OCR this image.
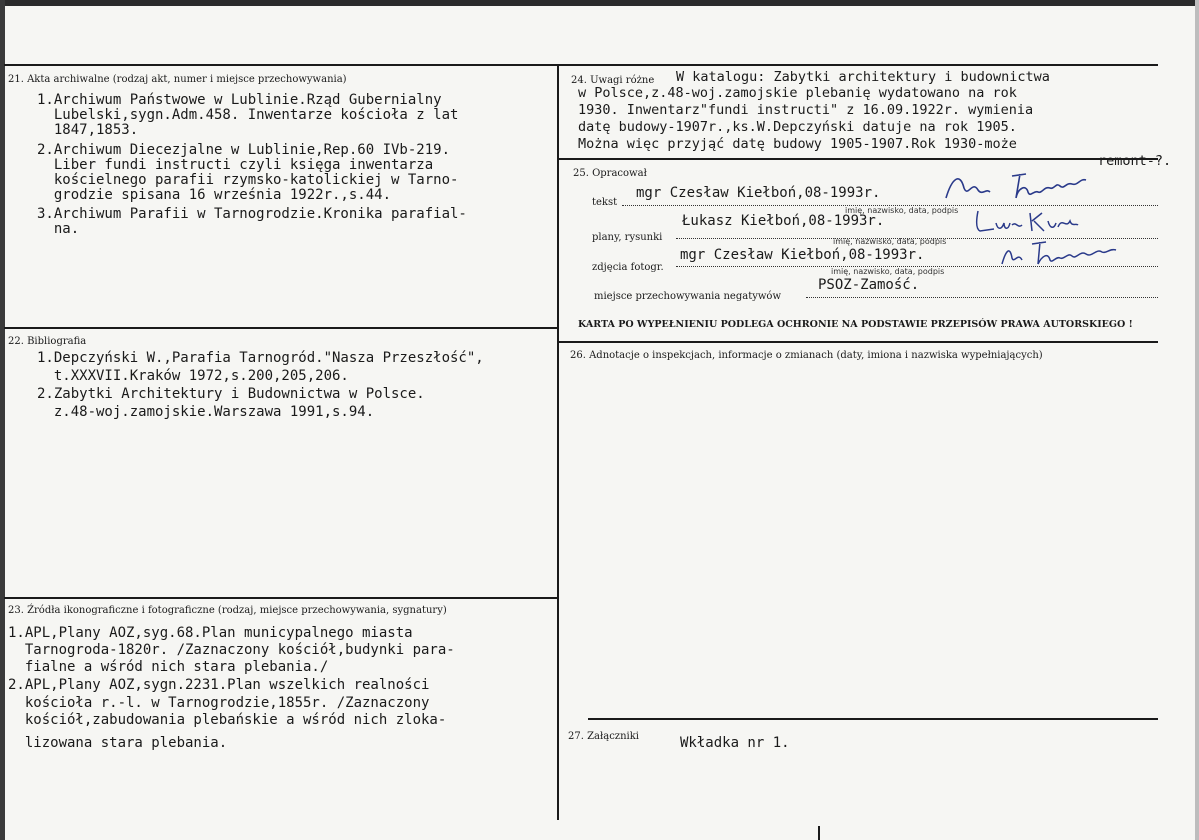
21. Akta archiwalne (rodzaj akt, numer i miejsce przechowywania)
1.Archiwum Państwowe w Lublinie.Rząd Gubernialny
Lubelski,sygn.Adm.458. Inwentarze kościoła z lat
1847,1853.
2.Archiwum Diecezjalne w Lublinie,Rep.60 IVb-219.
Liber fundi instructi czyli księga inwentarza
kościelnego parafii rzymsko-katolickiej w Tarno-
grodzie spisana 16 września 1922r.,s.44.
3.Archiwum Parafii w Tarnogrodzie.Kronika parafial-
na.
22. Bibliografia
1.Depczyński W.,Parafia Tarnogród."Nasza Przeszłość",
t.XXXVII.Kraków 1972,s.200,205,206.
2.Zabytki Architektury i Budownictwa w Polsce.
z.48-woj.zamojskie.Warszawa 1991,s.94.
23. Źródła ikonograficzne i fotograficzne (rodzaj, miejsce przechowywania, sygnatury)
1.APL,Plany AOZ,syg.68.Plan municypalnego miasta
Tarnogroda-1820r. /Zaznaczony kościół,budynki para-
fialne a wśród nich stara plebania./
2.APL,Plany AOZ,sygn.2231.Plan wszelkich realności
kościoła r.-l. w Tarnogrodzie,1855r. /Zaznaczony
kościół,zabudowania plebańskie a wśród nich zloka-
lizowana stara plebania.
24. Uwagi różne W katalogu: Zabytki architektury i budownictwa
w Polsce,z.48-woj.zamojskie plebanię wydatowano na rok
1930. Inwentarz"fundi instructi" z 16.09.1922r. wymienia
datę budowy-1907r.,ks.W.Depczyński datuje na rok 1905.
Można więc przyjąć datę budowy 1905-1907.Rok 1930-może
remont-?.
25. Opracował
tekst
mgr Czesław Kiełboń,08-1993r.
imię, nazwisko, data, podpis
plany, rysunki
Łukasz Kiełboń,08-1993r.
imię, nazwisko, data, podpis
zdjęcia fotogr.
mgr Czesław Kiełboń,08-1993r.
imię, nazwisko, data, podpis
miejsce przechowywania negatywów
PSOZ-Zamość.
KARTA PO WYPEŁNIENIU PODLEGA OCHRONIE NA PODSTAWIE PRZEPISÓW PRAWA AUTORSKIEGO !
26. Adnotacje o inspekcjach, informacje o zmianach (daty, imiona i nazwiska wypełniających)
27. Załączniki	Wkładka nr 1.
